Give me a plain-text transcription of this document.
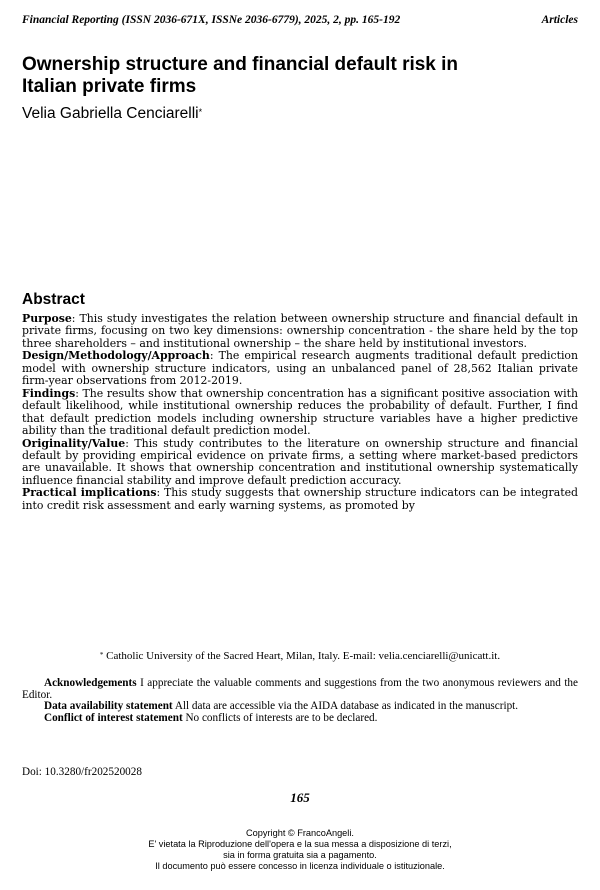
Financial Reporting (ISSN 2036-671X, ISSNe 2036-6779), 2025, 2, pp. 165-192	Articles
Ownership structure and financial default risk in Italian private firms
Velia Gabriella Cenciarelli*
Abstract

Purpose: This study investigates the relation between ownership structure and financial default in private firms, focusing on two key dimensions: ownership concentration - the share held by the top three shareholders – and institutional ownership – the share held by institutional investors.

Design/Methodology/Approach: The empirical research augments traditional default prediction model with ownership structure indicators, using an unbalanced panel of 28,562 Italian private firm-year observations from 2012-2019.

Findings: The results show that ownership concentration has a significant positive association with default likelihood, while institutional ownership reduces the probability of default. Further, I find that default prediction models including ownership structure variables have a higher predictive ability than the traditional default prediction model.

Originality/Value: This study contributes to the literature on ownership structure and financial default by providing empirical evidence on private firms, a setting where market-based predictors are unavailable. It shows that ownership concentration and institutional ownership systematically influence financial stability and improve default prediction accuracy.

Practical implications: This study suggests that ownership structure indicators can be integrated into credit risk assessment and early warning systems, as promoted by

* Catholic University of the Sacred Heart, Milan, Italy. E-mail: velia.cenciarelli@unicatt.it.

Acknowledgements I appreciate the valuable comments and suggestions from the two anonymous reviewers and the Editor.

Data availability statement All data are accessible via the AIDA database as indicated in the manuscript.

Conflict of interest statement No conflicts of interests are to be declared.

Doi: 10.3280/fr202520028
165
Copyright © FrancoAngeli.
E' vietata la Riproduzione dell'opera e la sua messa a disposizione di terzi,
sia in forma gratuita sia a pagamento.
Il documento può essere concesso in licenza individuale o istituzionale.
